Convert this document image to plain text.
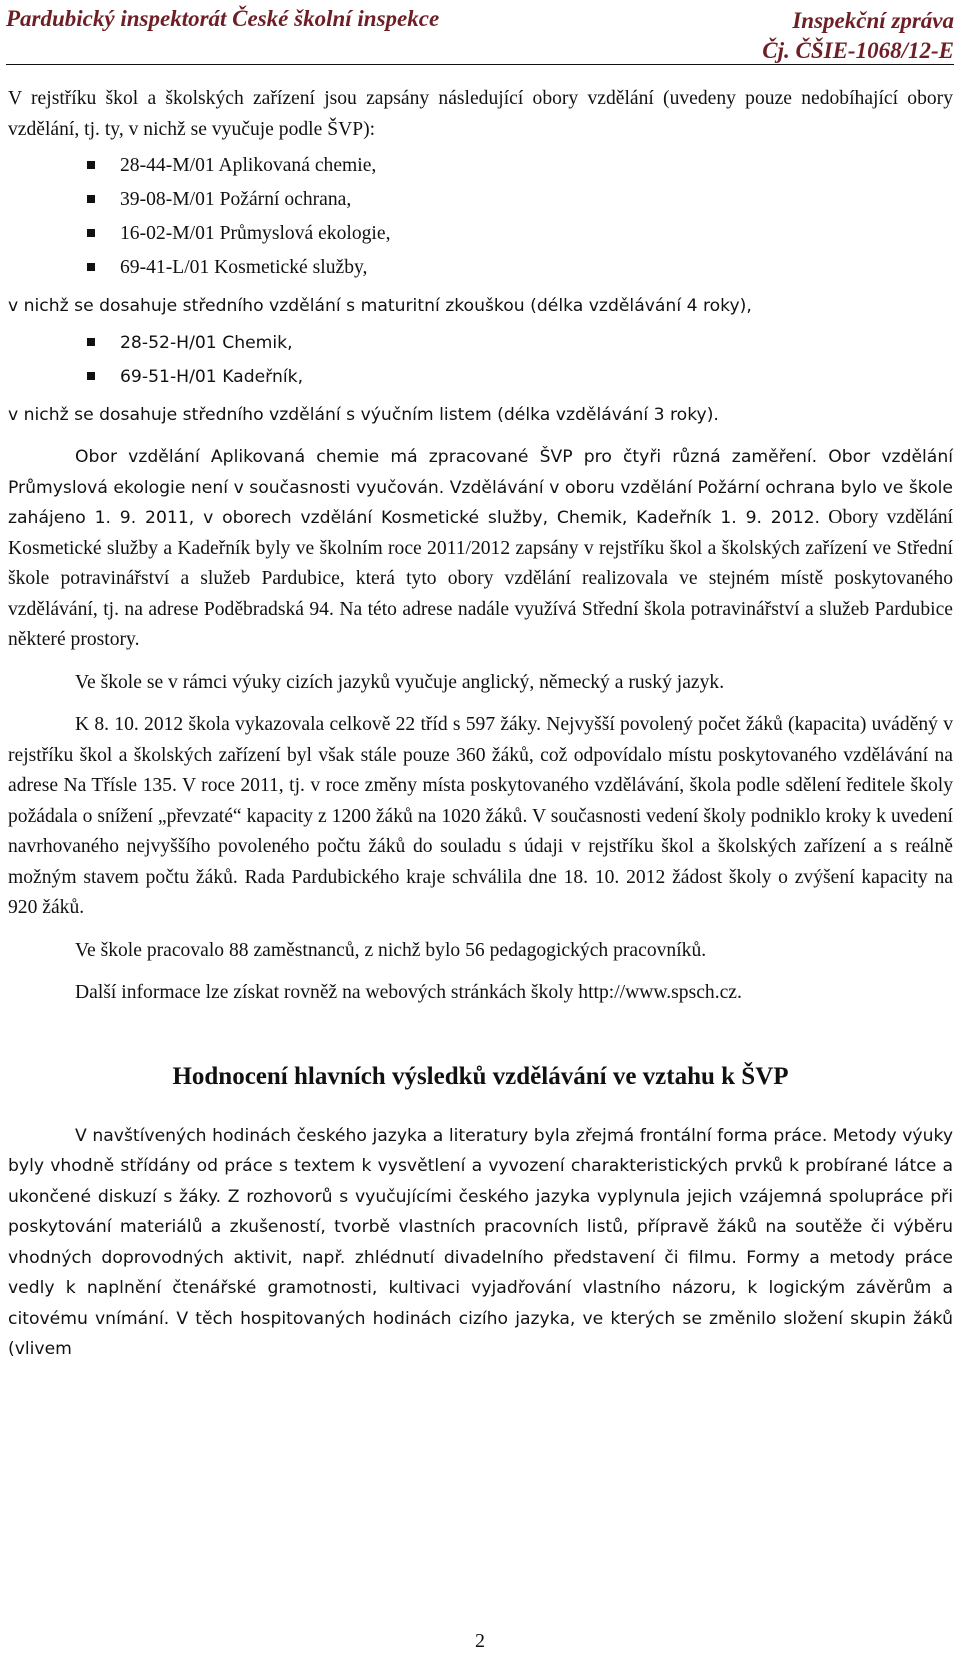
Pardubický inspektorát České školní inspekce	Inspekční zpráva
Čj. ČŠIE-1068/12-E

V rejstříku škol a školských zařízení jsou zapsány následující obory vzdělání (uvedeny pouze nedobíhající obory vzdělání, tj. ty, v nichž se vyučuje podle ŠVP):

28-44-M/01 Aplikovaná chemie,
39-08-M/01 Požární ochrana,
16-02-M/01 Průmyslová ekologie,
69-41-L/01 Kosmetické služby,

v nichž se dosahuje středního vzdělání s maturitní zkouškou (délka vzdělávání 4 roky),

28-52-H/01 Chemik,
69-51-H/01 Kadeřník,

v nichž se dosahuje středního vzdělání s výučním listem (délka vzdělávání 3 roky).

Obor vzdělání Aplikovaná chemie má zpracované ŠVP pro čtyři různá zaměření. Obor vzdělání Průmyslová ekologie není v současnosti vyučován. Vzdělávání v oboru vzdělání Požární ochrana bylo ve škole zahájeno 1. 9. 2011, v oborech vzdělání Kosmetické služby, Chemik, Kadeřník 1. 9. 2012. Obory vzdělání Kosmetické služby a Kadeřník byly ve školním roce 2011/2012 zapsány v rejstříku škol a školských zařízení ve Střední škole potravinářství a služeb Pardubice, která tyto obory vzdělání realizovala ve stejném místě poskytovaného vzdělávání, tj. na adrese Poděbradská 94. Na této adrese nadále využívá Střední škola potravinářství a služeb Pardubice některé prostory.

Ve škole se v rámci výuky cizích jazyků vyučuje anglický, německý a ruský jazyk.

K 8. 10. 2012 škola vykazovala celkově 22 tříd s 597 žáky. Nejvyšší povolený počet žáků (kapacita) uváděný v rejstříku škol a školských zařízení byl však stále pouze 360 žáků, což odpovídalo místu poskytovaného vzdělávání na adrese Na Třísle 135. V roce 2011, tj. v roce změny místa poskytovaného vzdělávání, škola podle sdělení ředitele školy požádala o snížení „převzaté“ kapacity z 1200 žáků na 1020 žáků. V současnosti vedení školy podniklo kroky k uvedení navrhovaného nejvyššího povoleného počtu žáků do souladu s údaji v rejstříku škol a školských zařízení a s reálně možným stavem počtu žáků. Rada Pardubického kraje schválila dne 18. 10. 2012 žádost školy o zvýšení kapacity na 920 žáků.

Ve škole pracovalo 88 zaměstnanců, z nichž bylo 56 pedagogických pracovníků.

Další informace lze získat rovněž na webových stránkách školy http://www.spsch.cz.

Hodnocení hlavních výsledků vzdělávání ve vztahu k ŠVP

V navštívených hodinách českého jazyka a literatury byla zřejmá frontální forma práce. Metody výuky byly vhodně střídány od práce s textem k vysvětlení a vyvození charakteristických prvků k probírané látce a ukončené diskuzí s žáky. Z rozhovorů s vyučujícími českého jazyka vyplynula jejich vzájemná spolupráce při poskytování materiálů a zkušeností, tvorbě vlastních pracovních listů, přípravě žáků na soutěže či výběru vhodných doprovodných aktivit, např. zhlédnutí divadelního představení či filmu. Formy a metody práce vedly k naplnění čtenářské gramotnosti, kultivaci vyjadřování vlastního názoru, k logickým závěrům a citovému vnímání. V těch hospitovaných hodinách cizího jazyka, ve kterých se změnilo složení skupin žáků (vlivem

2
